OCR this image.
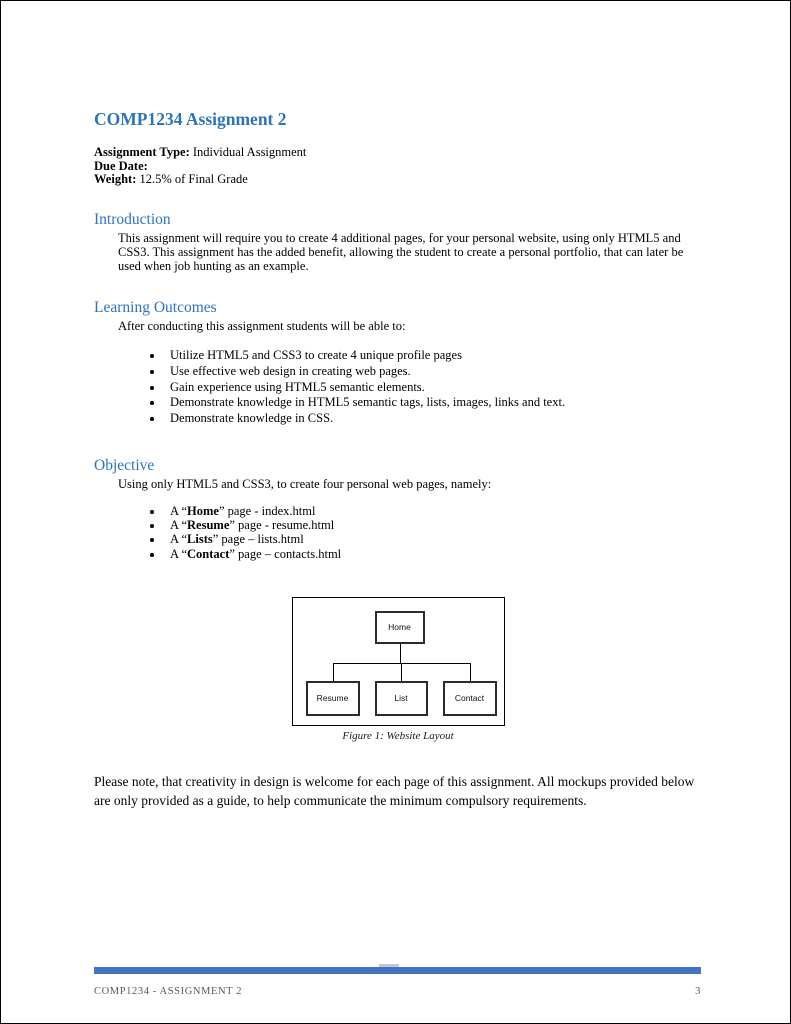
COMP1234 Assignment 2
Assignment Type: Individual Assignment
Due Date:
Weight: 12.5% of Final Grade
Introduction
This assignment will require you to create 4 additional pages, for your personal website, using only HTML5 and CSS3. This assignment has the added benefit, allowing the student to create a personal portfolio, that can later be used when job hunting as an example.
Learning Outcomes
After conducting this assignment students will be able to:
• Utilize HTML5 and CSS3 to create 4 unique profile pages
• Use effective web design in creating web pages.
• Gain experience using HTML5 semantic elements.
• Demonstrate knowledge in HTML5 semantic tags, lists, images, links and text.
• Demonstrate knowledge in CSS.
Objective
Using only HTML5 and CSS3, to create four personal web pages, namely:
• A “Home” page - index.html
• A “Resume” page - resume.html
• A “Lists” page – lists.html
• A “Contact” page – contacts.html
Home
Resume	List	Contact
Figure 1: Website Layout
Please note, that creativity in design is welcome for each page of this assignment. All mockups provided below are only provided as a guide, to help communicate the minimum compulsory requirements.
COMP1234 - ASSIGNMENT 2	3
